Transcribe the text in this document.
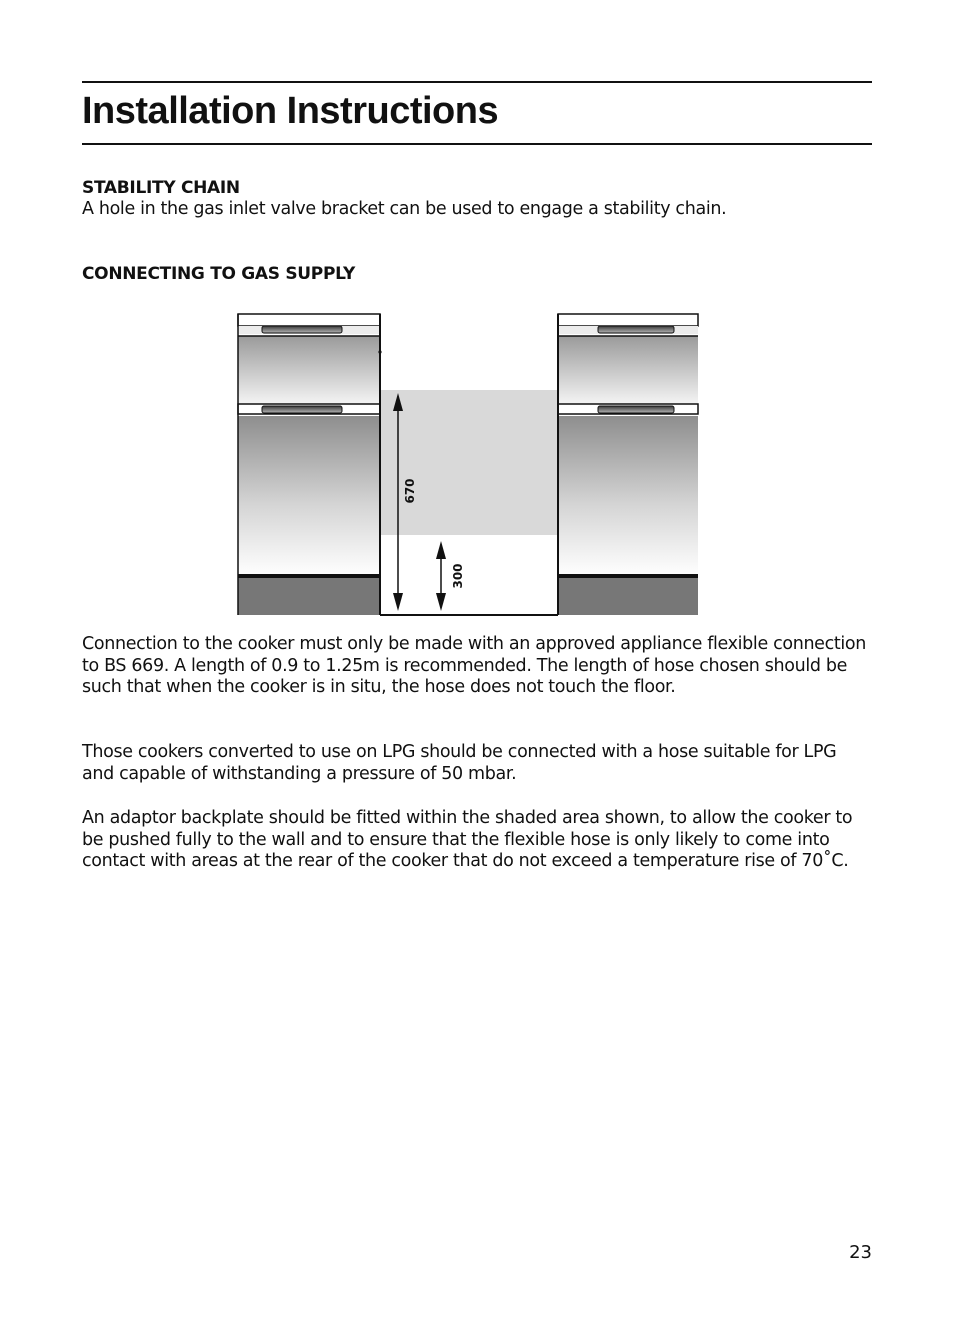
Installation Instructions
STABILITY CHAIN

A hole in the gas inlet valve bracket can be used to engage a stability chain.

CONNECTING TO GAS SUPPLY
670
300

Connection to the cooker must only be made with an approved appliance flexible connection to BS 669. A length of 0.9 to 1.25m is recommended. The length of hose chosen should be such that when the cooker is in situ, the hose does not touch the floor.

Those cookers converted to use on LPG should be connected with a hose suitable for LPG and capable of withstanding a pressure of 50 mbar.

An adaptor backplate should be fitted within the shaded area shown, to allow the cooker to be pushed fully to the wall and to ensure that the flexible hose is only likely to come into contact with areas at the rear of the cooker that do not exceed a temperature rise of 70˚C.

23
